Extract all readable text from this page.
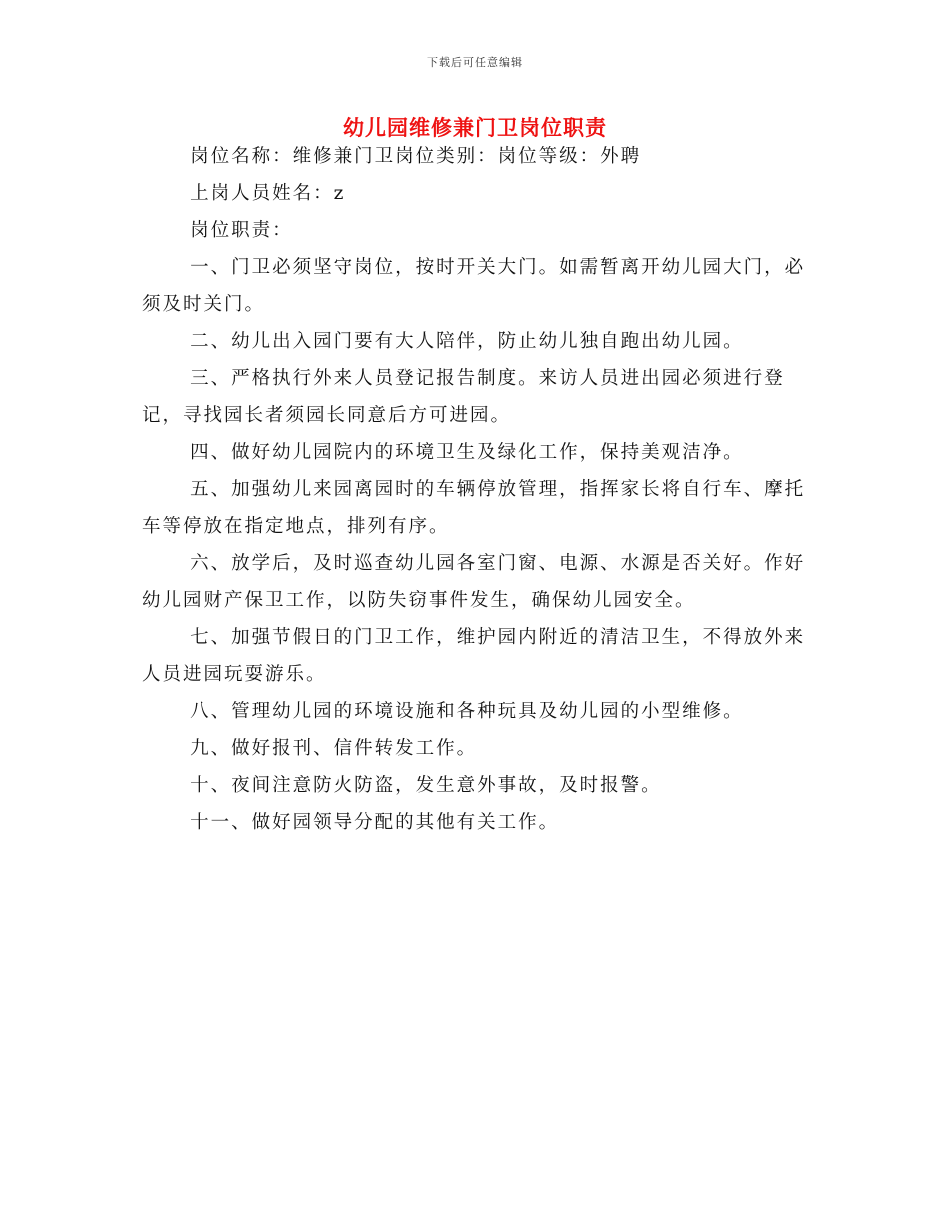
下载后可任意编辑
幼儿园维修兼门卫岗位职责

岗位名称：维修兼门卫岗位类别：岗位等级：外聘

上岗人员姓名：z

岗位职责：

一、门卫必须坚守岗位，按时开关大门。如需暂离开幼儿园大门，必须及时关门。

二、幼儿出入园门要有大人陪伴，防止幼儿独自跑出幼儿园。

三、严格执行外来人员登记报告制度。来访人员进出园必须进行登记，寻找园长者须园长同意后方可进园。

四、做好幼儿园院内的环境卫生及绿化工作，保持美观洁净。

五、加强幼儿来园离园时的车辆停放管理，指挥家长将自行车、摩托车等停放在指定地点，排列有序。

六、放学后，及时巡查幼儿园各室门窗、电源、水源是否关好。作好幼儿园财产保卫工作，以防失窃事件发生，确保幼儿园安全。

七、加强节假日的门卫工作，维护园内附近的清洁卫生，不得放外来人员进园玩耍游乐。

八、管理幼儿园的环境设施和各种玩具及幼儿园的小型维修。

九、做好报刊、信件转发工作。

十、夜间注意防火防盗，发生意外事故，及时报警。

十一、做好园领导分配的其他有关工作。
